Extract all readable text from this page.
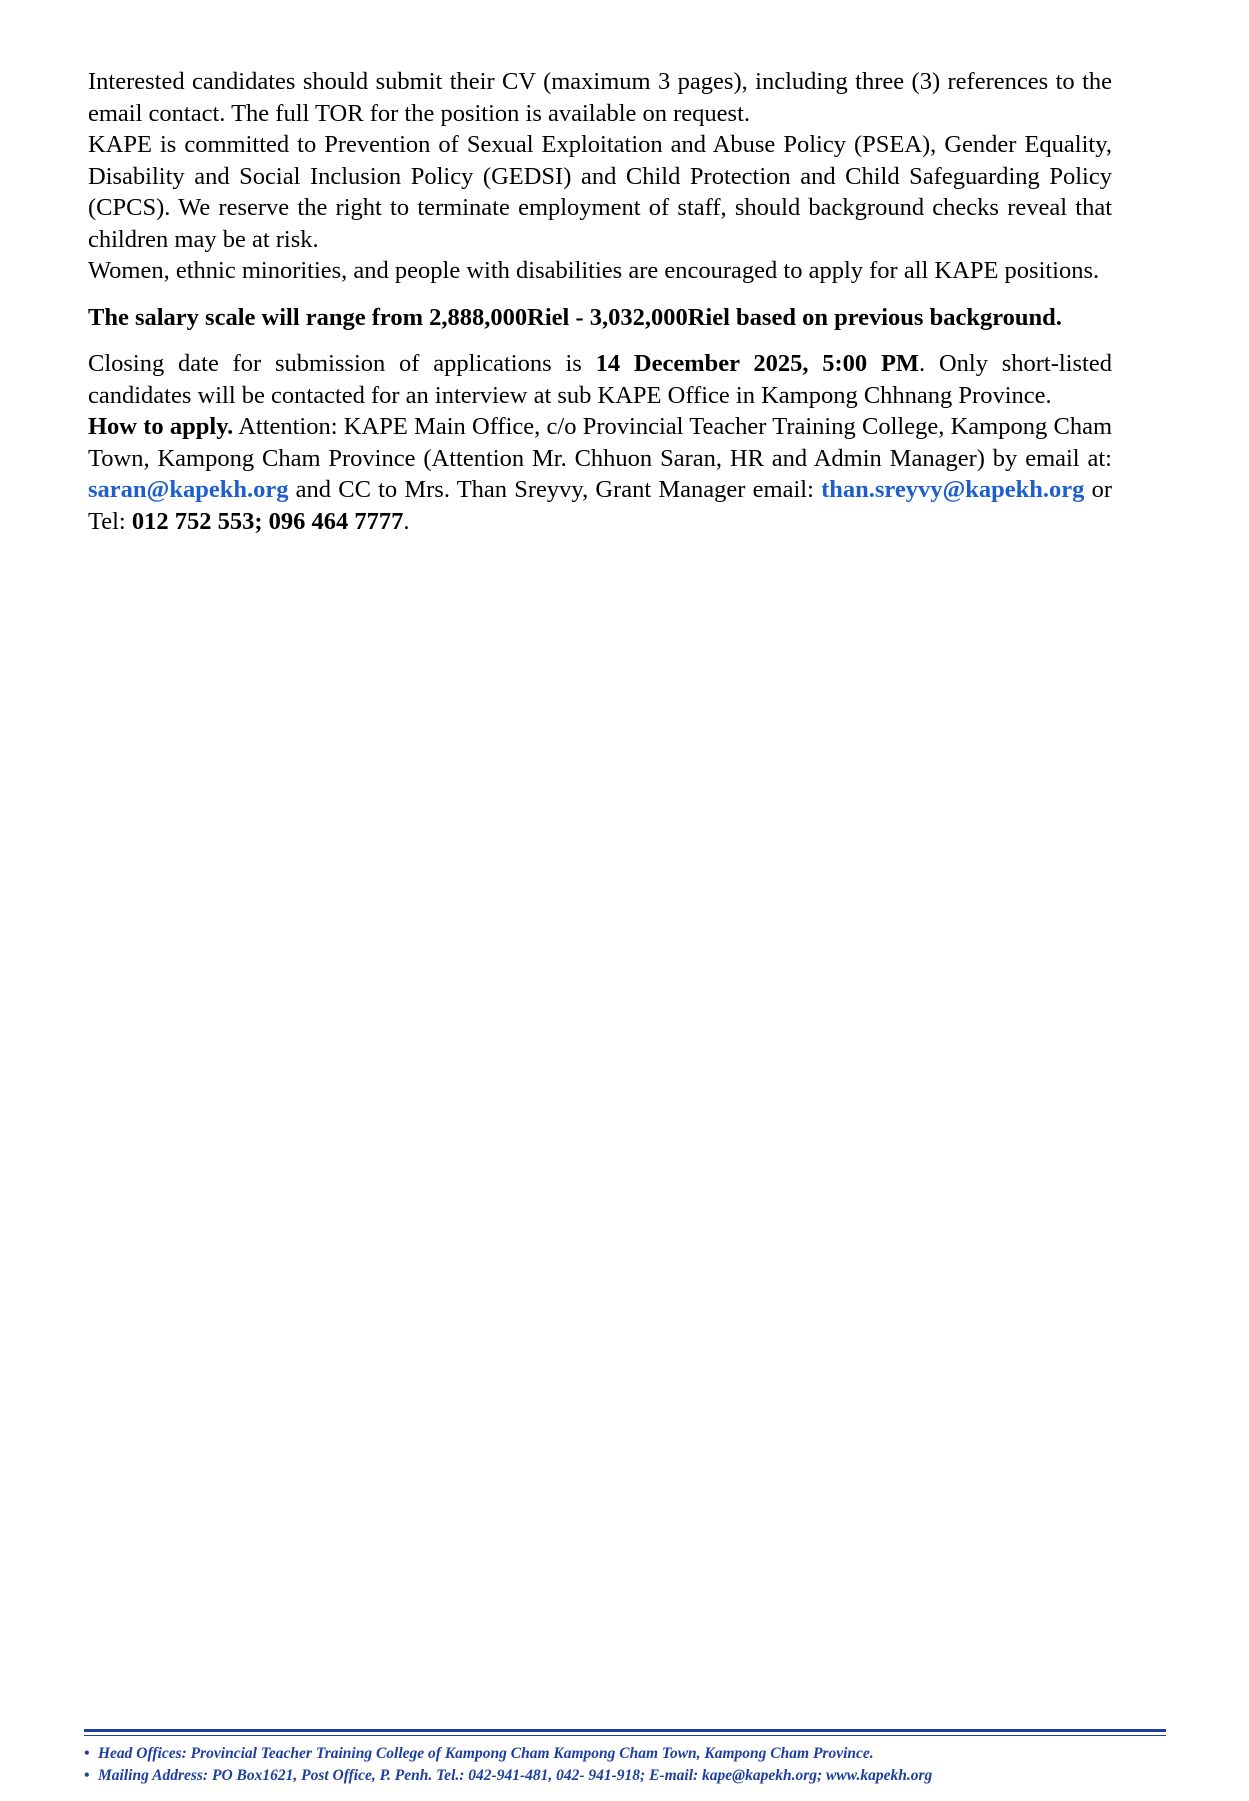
Interested candidates should submit their CV (maximum 3 pages), including three (3) references to the email contact. The full TOR for the position is available on request.

KAPE is committed to Prevention of Sexual Exploitation and Abuse Policy (PSEA), Gender Equality, Disability and Social Inclusion Policy (GEDSI) and Child Protection and Child Safeguarding Policy (CPCS). We reserve the right to terminate employment of staff, should background checks reveal that children may be at risk.

Women, ethnic minorities, and people with disabilities are encouraged to apply for all KAPE positions.

The salary scale will range from 2,888,000Riel - 3,032,000Riel based on previous background.

Closing date for submission of applications is 14 December 2025, 5:00 PM. Only short-listed candidates will be contacted for an interview at sub KAPE Office in Kampong Chhnang Province.

How to apply. Attention: KAPE Main Office, c/o Provincial Teacher Training College, Kampong Cham Town, Kampong Cham Province (Attention Mr. Chhuon Saran, HR and Admin Manager) by email at: saran@kapekh.org and CC to Mrs. Than Sreyvy, Grant Manager email: than.sreyvy@kapekh.org or Tel: 012 752 553; 096 464 7777.

• Head Offices: Provincial Teacher Training College of Kampong Cham Kampong Cham Town, Kampong Cham Province.
• Mailing Address: PO Box1621, Post Office, P. Penh. Tel.: 042-941-481, 042- 941-918; E-mail: kape@kapekh.org; www.kapekh.org
